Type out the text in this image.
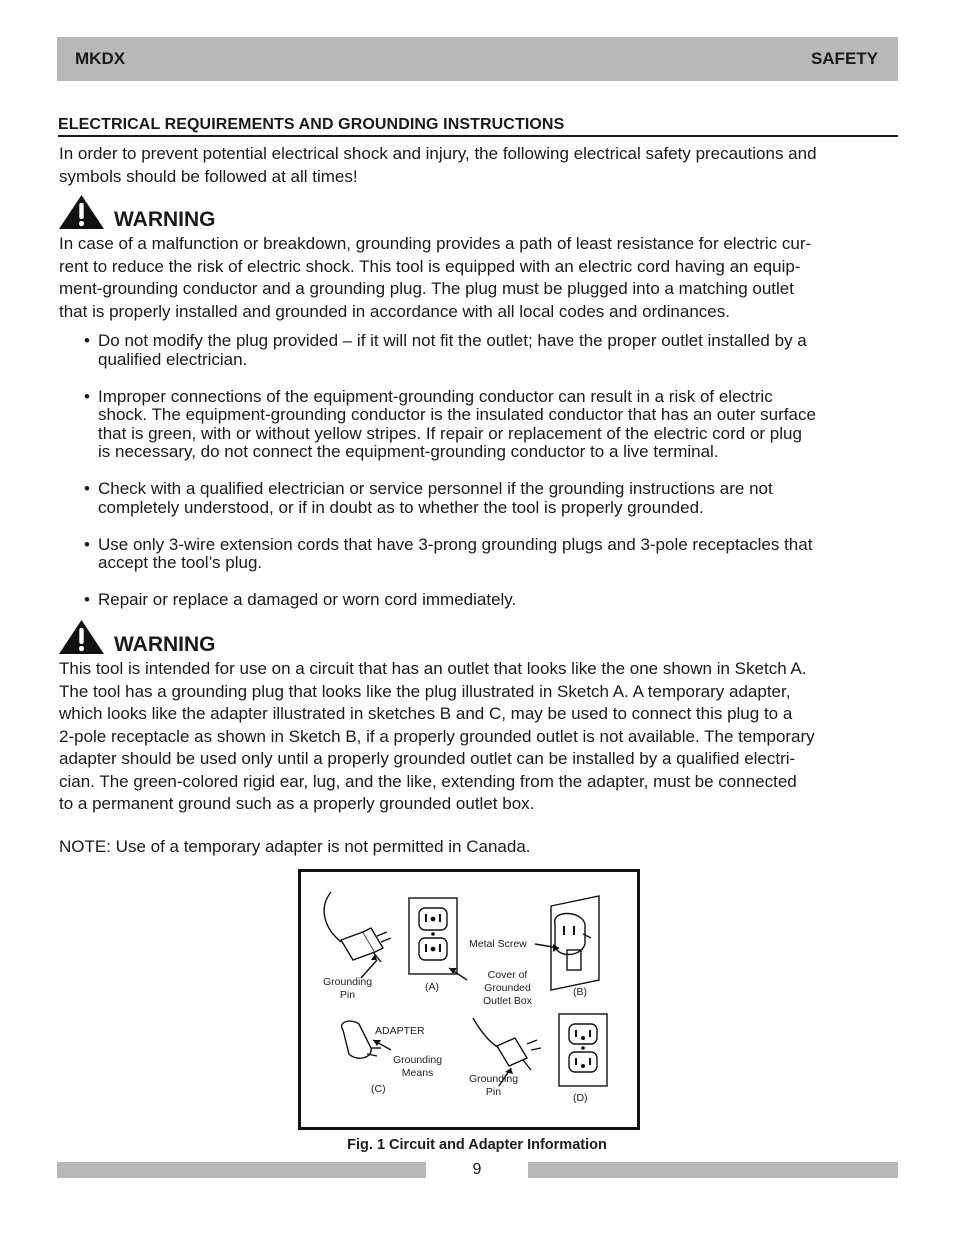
MKDX	SAFETY
ELECTRICAL REQUIREMENTS AND GROUNDING INSTRUCTIONS

In order to prevent potential electrical shock and injury, the following electrical safety precautions and
symbols should be followed at all times!

WARNING

In case of a malfunction or breakdown, grounding provides a path of least resistance for electric cur-
rent to reduce the risk of electric shock. This tool is equipped with an electric cord having an equip-
ment-grounding conductor and a grounding plug. The plug must be plugged into a matching outlet
that is properly installed and grounded in accordance with all local codes and ordinances.

• Do not modify the plug provided – if it will not fit the outlet; have the proper outlet installed by a
qualified electrician.
• Improper connections of the equipment-grounding conductor can result in a risk of electric
shock. The equipment-grounding conductor is the insulated conductor that has an outer surface
that is green, with or without yellow stripes. If repair or replacement of the electric cord or plug
is necessary, do not connect the equipment-grounding conductor to a live terminal.
• Check with a qualified electrician or service personnel if the grounding instructions are not
completely understood, or if in doubt as to whether the tool is properly grounded.
• Use only 3-wire extension cords that have 3-prong grounding plugs and 3-pole receptacles that
accept the tool’s plug.
• Repair or replace a damaged or worn cord immediately.
WARNING

This tool is intended for use on a circuit that has an outlet that looks like the one shown in Sketch A.
The tool has a grounding plug that looks like the plug illustrated in Sketch A. A temporary adapter,
which looks like the adapter illustrated in sketches B and C, may be used to connect this plug to a
2-pole receptacle as shown in Sketch B, if a properly grounded outlet is not available. The temporary
adapter should be used only until a properly grounded outlet can be installed by a qualified electri-
cian. The green-colored rigid ear, lug, and the like, extending from the adapter, must be connected
to a permanent ground such as a properly grounded outlet box.

NOTE: Use of a temporary adapter is not permitted in Canada.
Grounding
Pin
(A)
Metal Screw
Cover of
Grounded
Outlet Box
(B)
ADAPTER
Grounding
Means
(C)
Grounding
Pin	(D)
Fig. 1 Circuit and Adapter Information
9
